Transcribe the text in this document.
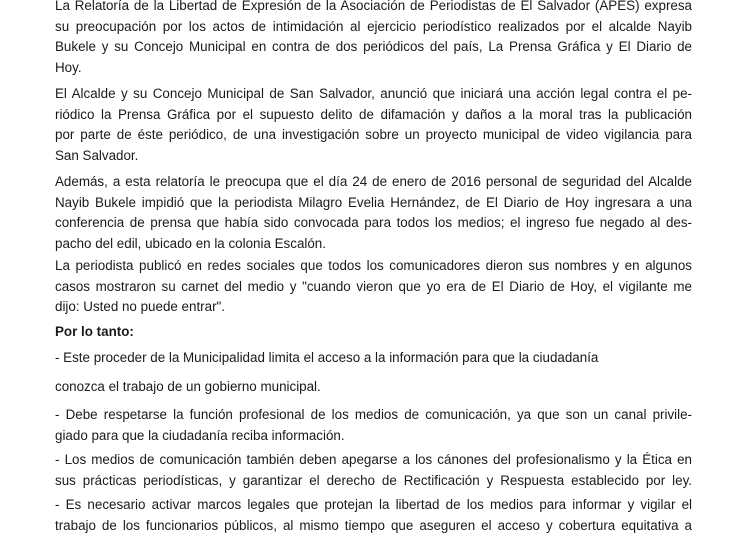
La Relatoría de la Libertad de Expresión de la Asociación de Periodistas de El Salvador (APES) expresa
su preocupación por los actos de intimidación al ejercicio periodístico realizados por el alcalde Nayib
Bukele y su Concejo Municipal en contra de dos periódicos del país, La Prensa Gráfica y El Diario de
Hoy.

El Alcalde y su Concejo Municipal de San Salvador, anunció que iniciará una acción legal contra el pe-
riódico la Prensa Gráfica por el supuesto delito de difamación y daños a la moral tras la publicación
por parte de éste periódico, de una investigación sobre un proyecto municipal de video vigilancia para
San Salvador.

Además, a esta relatoría le preocupa que el día 24 de enero de 2016 personal de seguridad del Alcalde
Nayib Bukele impidió que la periodista Milagro Evelia Hernández, de El Diario de Hoy ingresara a una
conferencia de prensa que había sido convocada para todos los medios; el ingreso fue negado al des-
pacho del edil, ubicado en la colonia Escalón.

La periodista publicó en redes sociales que todos los comunicadores dieron sus nombres y en algunos
casos mostraron su carnet del medio y "cuando vieron que yo era de El Diario de Hoy, el vigilante me
dijo: Usted no puede entrar".

Por lo tanto:

- Este proceder de la Municipalidad limita el acceso a la información para que la ciudadanía

conozca el trabajo de un gobierno municipal.

- Debe respetarse la función profesional de los medios de comunicación, ya que son un canal privile-
giado para que la ciudadanía reciba información.

- Los medios de comunicación también deben apegarse a los cánones del profesionalismo y la Ética en
sus prácticas periodísticas, y garantizar el derecho de Rectificación y Respuesta establecido por ley.

- Es necesario activar marcos legales que protejan la libertad de los medios para informar y vigilar el
trabajo de los funcionarios públicos, al mismo tiempo que aseguren el acceso y cobertura equitativa a
